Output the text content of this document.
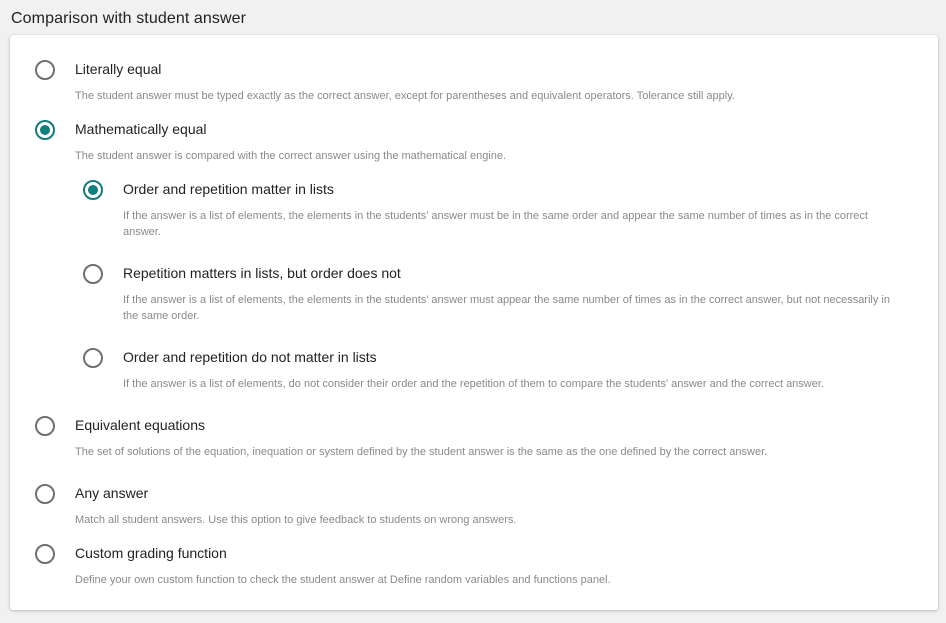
Comparison with student answer
Literally equal
The student answer must be typed exactly as the correct answer, except for parentheses and equivalent operators. Tolerance still apply.
Mathematically equal
The student answer is compared with the correct answer using the mathematical engine.
Order and repetition matter in lists
If the answer is a list of elements, the elements in the students' answer must be in the same order and appear the same number of times as in the correct answer.
Repetition matters in lists, but order does not
If the answer is a list of elements, the elements in the students' answer must appear the same number of times as in the correct answer, but not necessarily in the same order.
Order and repetition do not matter in lists
If the answer is a list of elements, do not consider their order and the repetition of them to compare the students' answer and the correct answer.
Equivalent equations
The set of solutions of the equation, inequation or system defined by the student answer is the same as the one defined by the correct answer.
Any answer
Match all student answers. Use this option to give feedback to students on wrong answers.
Custom grading function
Define your own custom function to check the student answer at Define random variables and functions panel.
